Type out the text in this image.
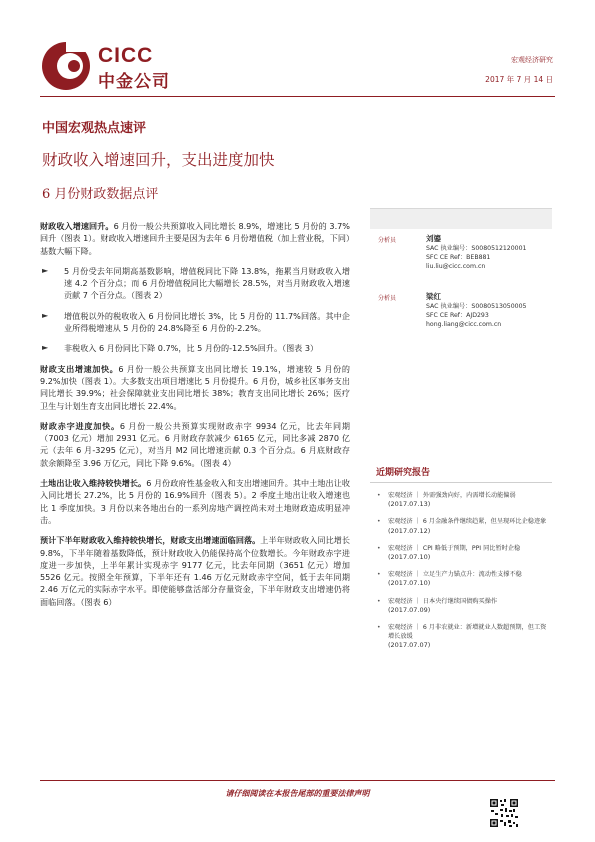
CICC
中金公司
宏观经济研究
2017 年 7 月 14 日
中国宏观热点速评
财政收入增速回升，支出进度加快
6 月份财政数据点评

财政收入增速回升。6 月份一般公共预算收入同比增长 8.9%，增速比 5 月份的 3.7%回升（图表 1）。财政收入增速回升主要是因为去年 6 月份增值税（加上营业税，下同）基数大幅下降。

► 5 月份受去年同期高基数影响，增值税同比下降 13.8%，拖累当月财政收入增速 4.2 个百分点；而 6 月份增值税同比大幅增长 28.5%，对当月财政收入增速贡献 7 个百分点。（图表 2）

► 增值税以外的税收收入 6 月份同比增长 3%，比 5 月份的 11.7%回落。其中企业所得税增速从 5 月份的 24.8%降至 6 月份的-2.2%。

► 非税收入 6 月份同比下降 0.7%，比 5 月份的-12.5%回升。（图表 3）

财政支出增速加快。6 月份一般公共预算支出同比增长 19.1%，增速较 5 月份的 9.2%加快（图表 1）。大多数支出项目增速比 5 月份提升。6 月份，城乡社区事务支出同比增长 39.9%；社会保障就业支出同比增长 38%；教育支出同比增长 26%；医疗卫生与计划生育支出同比增长 22.4%。

财政赤字进度加快。6 月份一般公共预算实现财政赤字 9934 亿元，比去年同期（7003 亿元）增加 2931 亿元。6 月财政存款减少 6165 亿元，同比多减 2870 亿元（去年 6 月-3295 亿元），对当月 M2 同比增速贡献 0.3 个百分点。6 月底财政存款余额降至 3.96 万亿元，同比下降 9.6%。（图表 4）

土地出让收入维持较快增长。6 月份政府性基金收入和支出增速回升。其中土地出让收入同比增长 27.2%，比 5 月份的 16.9%回升（图表 5）。2 季度土地出让收入增速也比 1 季度加快。3 月份以来各地出台的一系列房地产调控尚未对土地财政造成明显冲击。

预计下半年财政收入维持较快增长，财政支出增速面临回落。上半年财政收入同比增长 9.8%，下半年随着基数降低，预计财政收入仍能保持高个位数增长。今年财政赤字进度进一步加快，上半年累计实现赤字 9177 亿元，比去年同期（3651 亿元）增加 5526 亿元。按照全年预算，下半年还有 1.46 万亿元财政赤字空间，低于去年同期 2.46 万亿元的实际赤字水平。即使能够盘活部分存量资金，下半年财政支出增速仍将面临回落。（图表 6）

分析员	刘鎏
SAC 执业编号：S0080512120001
SFC CE Ref：BEB881
liu.liu@cicc.com.cn
分析员	梁红
SAC 执业编号：S0080513050005
SFC CE Ref：AJD293
hong.liang@cicc.com.cn
近期研究报告
• 宏观经济 ｜ 外需强劲向好，内需增长动能偏弱
(2017.07.13)
• 宏观经济 ｜ 6 月金融条件继续趋紧，但呈现环比企稳迹象
(2017.07.12)
• 宏观经济 ｜ CPI 略低于预期，PPI 同比暂时企稳
(2017.07.10)
• 宏观经济 ｜ 立足生产力锚点升：流动性支撑不稳
(2017.07.10)
• 宏观经济 ｜ 日本央行继续国债购买操作
(2017.07.09)
• 宏观经济 ｜ 6 月非农就业：新增就业人数超预期，但工资增长放缓
(2017.07.07)
请仔细阅读在本报告尾部的重要法律声明
